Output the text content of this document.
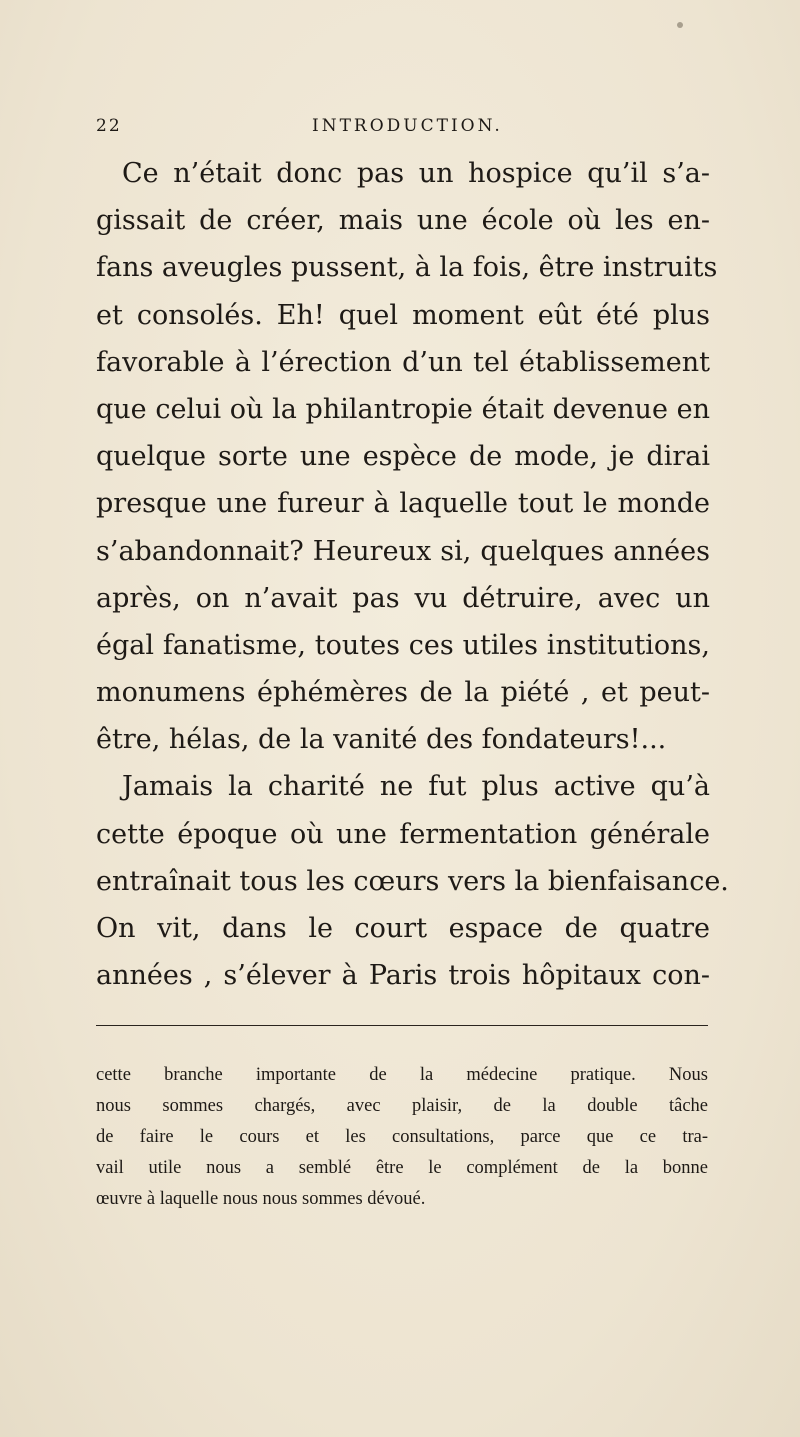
22	INTRODUCTION.
Ce n’était donc pas un hospice qu’il s’a-
gissait de créer, mais une école où les en-
fans aveugles pussent, à la fois, être instruits
et consolés. Eh! quel moment eût été plus
favorable à l’érection d’un tel établissement
que celui où la philantropie était devenue en
quelque sorte une espèce de mode, je dirai
presque une fureur à laquelle tout le monde
s’abandonnait? Heureux si, quelques années
après, on n’avait pas vu détruire, avec un
égal fanatisme, toutes ces utiles institutions,
monumens éphémères de la piété , et peut-
être, hélas, de la vanité des fondateurs!...
Jamais la charité ne fut plus active qu’à
cette époque où une fermentation générale
entraînait tous les cœurs vers la bienfaisance.
On vit, dans le court espace de quatre
années , s’élever à Paris trois hôpitaux con-
cette branche importante de la médecine pratique. Nous
nous sommes chargés, avec plaisir, de la double tâche
de faire le cours et les consultations, parce que ce tra-
vail utile nous a semblé être le complément de la bonne
œuvre à laquelle nous nous sommes dévoué.
